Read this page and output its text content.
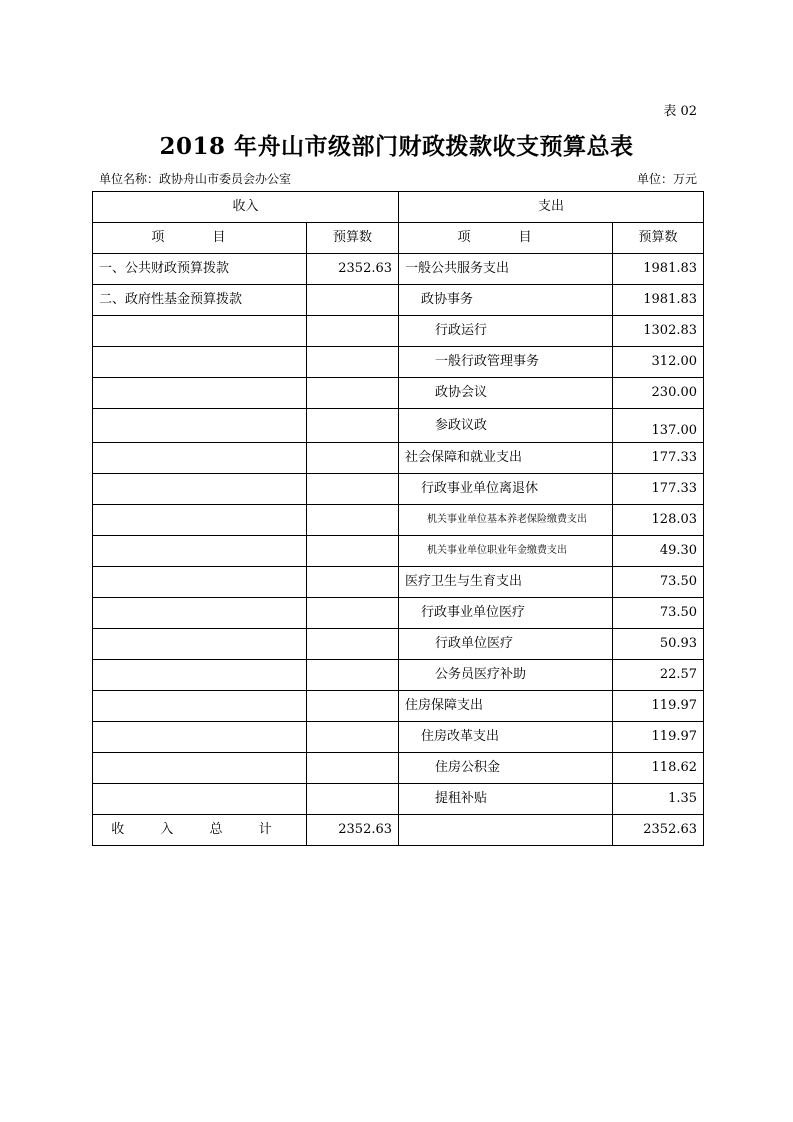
表 02
2018 年舟山市级部门财政拨款收支预算总表
单位名称：政协舟山市委员会办公室	单位：万元
收入		支出	
项 目	预算数	项 目	预算数
一、公共财政预算拨款	2352.63	一般公共服务支出	1981.83
二、政府性基金预算拨款		政协事务	1981.83
		行政运行	1302.83
		一般行政管理事务	312.00
		政协会议	230.00
		参政议政	137.00
		社会保障和就业支出	177.33
		行政事业单位离退休	177.33
		机关事业单位基本养老保险缴费支出	128.03
		机关事业单位职业年金缴费支出	49.30
		医疗卫生与生育支出	73.50
		行政事业单位医疗	73.50
		行政单位医疗	50.93
		公务员医疗补助	22.57
		住房保障支出	119.97
		住房改革支出	119.97
		住房公积金	118.62
		提租补贴	1.35
收 入 总 计	2352.63		2352.63
